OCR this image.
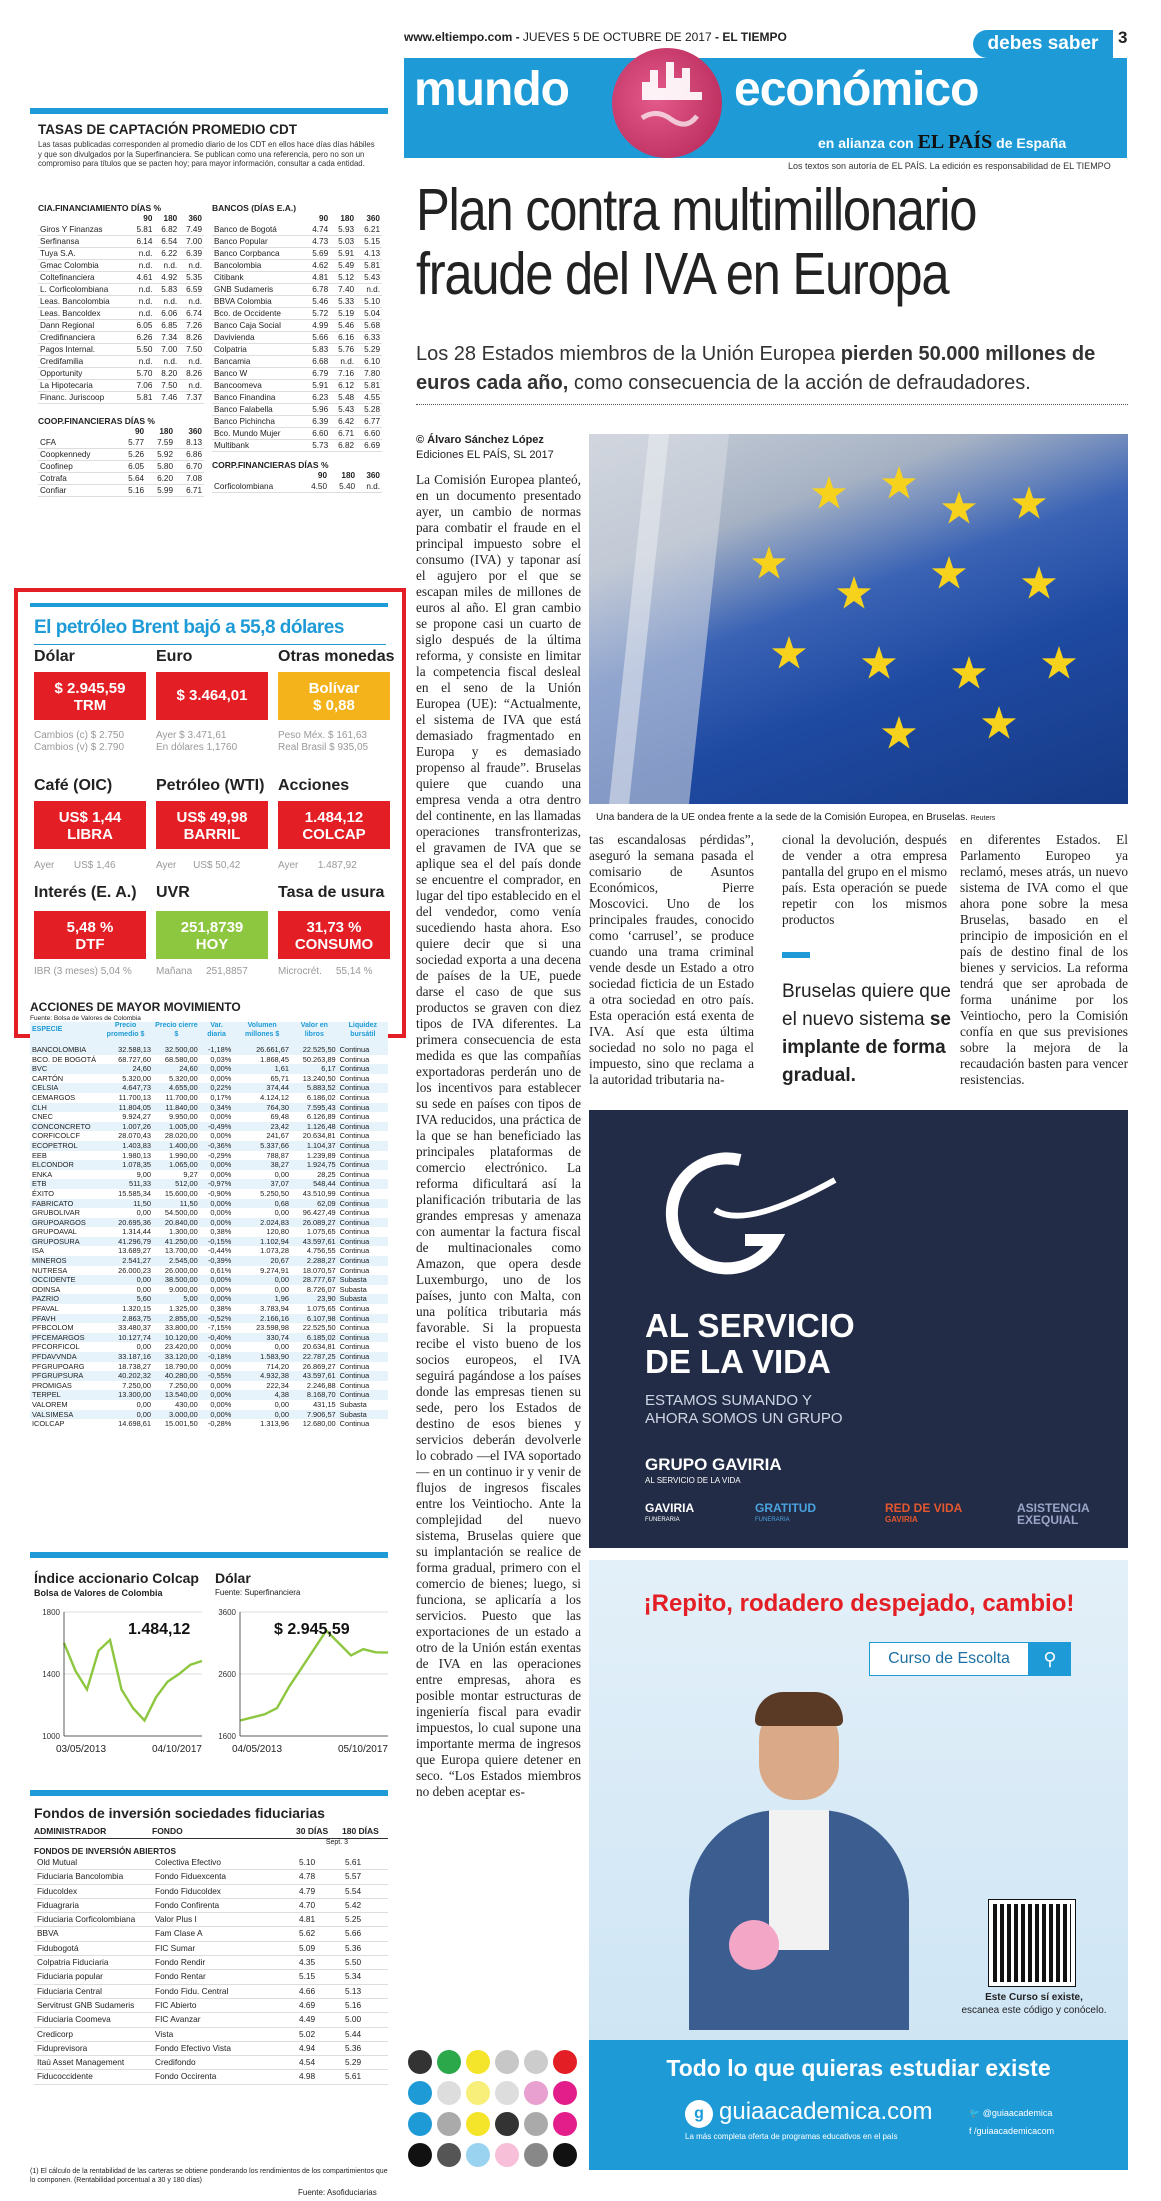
www.eltiempo.com - JUEVES 5 DE OCTUBRE DE 2017 - EL TIEMPO	debes saber	3
mundo	económico
en alianza con EL PAÍS de España
Los textos son autoría de EL PAÍS. La edición es responsabilidad de EL TIEMPO
TASAS DE CAPTACIÓN PROMEDIO CDT
Las tasas publicadas corresponden al promedio diario de los CDT en ellos hace días días hábiles y que son divulgados por la Superfinanciera. Se publican como una referencia, pero no son un compromiso para títulos que se pacten hoy; para mayor información, consultar a cada entidad.
CIA.FINANCIAMIENTO DÍAS %
	90	180	360
Giros Y Finanzas	5.81	6.82	7.49
Serfinansa	6.14	6.54	7.00
Tuya S.A.	n.d.	6.22	6.39
Gmac Colombia	n.d.	n.d.	n.d.
Coltefinanciera	4.61	4.92	5.35
L. Corficolombiana	n.d.	5.83	6.59
Leas. Bancolombia	n.d.	n.d.	n.d.
Leas. Bancoldex	n.d.	6.06	6.74
Dann Regional	6.05	6.85	7.26
Credifinanciera	6.26	7.34	8.26
Pagos Internal.	5.50	7.00	7.50
Credifamilia	n.d.	n.d.	n.d.
Opportunity	5.70	8.20	8.26
La Hipotecaria	7.06	7.50	n.d.
Financ. Juriscoop	5.81	7.46	7.37
COOP.FINANCIERAS DÍAS %
	90	180	360
CFA	5.77	7.59	8.13
Coopkennedy	5.26	5.92	6.86
Coofinep	6.05	5.80	6.70
Cotrafa	5.64	6.20	7.08
Confiar	5.16	5.99	6.71
BANCOS (DÍAS E.A.)
	90	180	360
Banco de Bogotá	4.74	5.93	6.21
Banco Popular	4.73	5.03	5.15
Banco Corpbanca	5.69	5.91	4.13
Bancolombia	4.62	5.49	5.81
Citibank	4.81	5.12	5.43
GNB Sudameris	6.78	7.40	n.d.
BBVA Colombia	5.46	5.33	5.10
Bco. de Occidente	5.72	5.19	5.04
Banco Caja Social	4.99	5.46	5.68
Davivienda	5.66	6.16	6.33
Colpatria	5.83	5.76	5.29
Bancamia	6.68	n.d.	6.10
Banco W	6.79	7.16	7.80
Bancoomeva	5.91	6.12	5.81
Banco Finandina	6.23	5.48	4.55
Banco Falabella	5.96	5.43	5.28
Banco Pichincha	6.39	6.42	6.77
Bco. Mundo Mujer	6.60	6.71	6.60
Multibank	5.73	6.82	6.69
CORP.FINANCIERAS DÍAS %
	90	180	360
Corficolombiana	4.50	5.40	n.d.
El petróleo Brent bajó a 55,8 dólares
Dólar
$ 2.945,59
TRM
Cambios (c) $ 2.750
Cambios (v) $ 2.790
Euro
$ 3.464,01
Ayer $ 3.471,61
En dólares 1,1760
Otras monedas
Bolívar
$ 0,88
Peso Méx. $ 161,63
Real Brasil $ 935,05
Café (OIC)
US$ 1,44
LIBRA
Ayer US$ 1,46
Petróleo (WTI)
US$ 49,98
BARRIL
Ayer US$ 50,42
Acciones
1.484,12
COLCAP
Ayer 1.487,92
Interés (E. A.)
5,48 %
DTF
IBR (3 meses) 5,04 %
UVR
251,8739
HOY
Mañana 251,8857
Tasa de usura
31,73 %
CONSUMO
Microcrét. 55,14 %
ACCIONES DE MAYOR MOVIMIENTO
Fuente: Bolsa de Valores de Colombia
ESPECIE	Precio promedio $	Precio cierre $	Var. diaria	Volumen millones $	Valor en libros	Liquidez bursátil
BANCOLOMBIA	32.588,13	32.500,00	-1,18%	26.661,67	22.525,50	Continua
BCO. DE BOGOTÁ	68.727,60	68.580,00	0,03%	1.868,45	50.263,89	Continua
BVC	24,60	24,60	0,00%	1,61	6,17	Continua
CARTÓN	5.320,00	5.320,00	0,00%	65,71	13.240,50	Continua
CELSIA	4.647,73	4.655,00	0,22%	374,44	5.883,52	Continua
CEMARGOS	11.700,13	11.700,00	0,17%	4.124,12	6.186,02	Continua
CLH	11.804,05	11.840,00	0,34%	764,30	7.595,43	Continua
CNEC	9.924,27	9.950,00	0,00%	69,48	6.126,89	Continua
CONCONCRETO	1.007,26	1.005,00	-0,49%	23,42	1.126,48	Continua
CORFICOLCF	28.070,43	28.020,00	0,00%	241,67	20.634,81	Continua
ECOPETROL	1.403,83	1.400,00	-0,36%	5.337,66	1.104,37	Continua
EEB	1.980,13	1.990,00	-0,29%	788,87	1.239,89	Continua
ELCONDOR	1.078,35	1.065,00	0,00%	38,27	1.924,75	Continua
ENKA	9,00	9,27	0,00%	0,00	28,25	Continua
ETB	511,33	512,00	-0,97%	37,07	548,44	Continua
ÉXITO	15.585,34	15.600,00	-0,90%	5.250,50	43.510,99	Continua
FABRICATO	11,50	11,50	0,00%	0,68	62,09	Continua
GRUBOLIVAR	0,00	54.500,00	0,00%	0,00	96.427,49	Continua
GRUPOARGOS	20.695,36	20.840,00	0,00%	2.024,83	26.089,27	Continua
GRUPOAVAL	1.314,44	1.300,00	0,38%	120,80	1.075,65	Continua
GRUPOSURA	41.296,79	41.250,00	-0,15%	1.102,94	43.597,61	Continua
ISA	13.689,27	13.700,00	-0,44%	1.073,28	4.756,55	Continua
MINEROS	2.541,27	2.545,00	-0,39%	20,67	2.288,27	Continua
NUTRESA	26.000,23	26.000,00	0,61%	9.274,91	18.070,57	Continua
OCCIDENTE	0,00	38.500,00	0,00%	0,00	28.777,67	Subasta
ODINSA	0,00	9.000,00	0,00%	0,00	8.726,07	Subasta
PAZRIO	5,60	5,00	0,00%	1,96	23,90	Subasta
PFAVAL	1.320,15	1.325,00	0,38%	3.783,94	1.075,65	Continua
PFAVH	2.863,75	2.855,00	-0,52%	2.166,16	6.107,98	Continua
PFBCOLOM	33.480,37	33.800,00	-7,15%	23.598,98	22.525,50	Continua
PFCEMARGOS	10.127,74	10.120,00	-0,40%	330,74	6.185,02	Continua
PFCORFICOL	0,00	23.420,00	0,00%	0,00	20.634,81	Continua
PFDAVVNDA	33.187,16	33.120,00	-0,18%	1.583,90	22.787,25	Continua
PFGRUPOARG	18.738,27	18.790,00	0,00%	714,20	26.869,27	Continua
PFGRUPSURA	40.202,32	40.280,00	-0,55%	4.932,38	43.597,61	Continua
PROMIGAS	7.250,00	7.250,00	0,00%	222,34	2.246,88	Continua
TERPEL	13.300,00	13.540,00	0,00%	4,38	8.168,70	Continua
VALOREM	0,00	430,00	0,00%	0,00	431,15	Subasta
VALSIMESA	0,00	3.000,00	0,00%	0,00	7.906,57	Subasta
ICOLCAP	14.698,61	15.001,50	-0,28%	1.313,96	12.680,00	Continua
Índice accionario Colcap
Bolsa de Valores de Colombia
1800
1400
1000
03/05/2013	04/10/2017
1.484,12
Dólar
Fuente: Superfinanciera
3600
2600
1600
04/05/2013	05/10/2017
$ 2.945,59
Fondos de inversión sociedades fiduciarias
ADMINISTRADOR	FONDO	30 DÍAS	180 DÍAS
Sept. 3
FONDOS DE INVERSIÓN ABIERTOS
Old Mutual	Colectiva Efectivo	5.10	5.61
Fiduciaria Bancolombia	Fondo Fiduexcenta	4.78	5.57
Fiducoldex	Fondo Fiducoldex	4.79	5.54
Fiduagraria	Fondo Confirenta	4.70	5.42
Fiduciaria Corficolombiana	Valor Plus I	4.81	5.25
BBVA	Fam Clase A	5.62	5.66
Fidubogotá	FIC Sumar	5.09	5.36
Colpatria Fiduciaria	Fondo Rendir	4.35	5.50
Fiduciaria popular	Fondo Rentar	5.15	5.34
Fiduciaria Central	Fondo Fidu. Central	4.66	5.13
Servitrust GNB Sudameris	FIC Abierto	4.69	5.16
Fiduciaria Coomeva	FIC Avanzar	4.49	5.00
Credicorp	Vista	5.02	5.44
Fiduprevisora	Fondo Efectivo Vista	4.94	5.36
Itaú Asset Management	Credifondo	4.54	5.29
Fiducoccidente	Fondo Occirenta	4.98	5.61
(1) El cálculo de la rentabilidad de las carteras se obtiene ponderando los rendimientos de los compartimientos que lo componen. (Rentabilidad porcentual a 30 y 180 días)
Fuente: Asofiduciarias
Plan contra multimillonario
fraude del IVA en Europa
Los 28 Estados miembros de la Unión Europea pierden 50.000 millones de euros cada año, como consecuencia de la acción de defraudadores.
© Álvaro Sánchez López
Ediciones EL PAÍS, SL 2017
Una bandera de la UE ondea frente a la sede de la Comisión Europea, en Bruselas. Reuters
La Comisión Europea planteó, en un documento presentado ayer, un cambio de normas para combatir el fraude en el principal impuesto sobre el consumo (IVA) y taponar así el agujero por el que se escapan miles de millones de euros al año. El gran cambio se propone casi un cuarto de siglo después de la última reforma, y consiste en limitar la competencia fiscal desleal en el seno de la Unión Europea (UE): “Actualmente, el sistema de IVA que está demasiado fragmentado en Europa y es demasiado propenso al fraude”. Bruselas quiere que cuando una empresa venda a otra dentro del continente, en las llamadas operaciones transfronterizas, el gravamen de IVA que se aplique sea el del país donde se encuentre el comprador, en lugar del tipo establecido en el del vendedor, como venía sucediendo hasta ahora. Eso quiere decir que si una sociedad exporta a una decena de países de la UE, puede darse el caso de que sus productos se graven con diez tipos de IVA diferentes. La primera consecuencia de esta medida es que las compañías exportadoras perderán uno de los incentivos para establecer su sede en países con tipos de IVA reducidos, una práctica de la que se han beneficiado las principales plataformas de comercio electrónico. La reforma dificultará así la planificación tributaria de las grandes empresas y amenaza con aumentar la factura fiscal de multinacionales como Amazon, que opera desde Luxemburgo, uno de los países, junto con Malta, con una política tributaria más favorable. Si la propuesta recibe el visto bueno de los socios europeos, el IVA seguirá pagándose a los países donde las empresas tienen su sede, pero los Estados de destino de esos bienes y servicios deberán devolverle lo cobrado —el IVA soportado— en un continuo ir y venir de flujos de ingresos fiscales entre los Veintiocho. Ante la complejidad del nuevo sistema, Bruselas quiere que su implantación se realice de forma gradual, primero con el comercio de bienes; luego, si funciona, se aplicaría a los servicios. Puesto que las exportaciones de un estado a otro de la Unión están exentas de IVA en las operaciones entre empresas, ahora es posible montar estructuras de ingeniería fiscal para evadir impuestos, lo cual supone una importante merma de ingresos que Europa quiere detener en seco. “Los Estados miembros no deben aceptar es-
tas escandalosas pérdidas”, aseguró la semana pasada el comisario de Asuntos Económicos, Pierre Moscovici. Uno de los principales fraudes, conocido como ‘carrusel’, se produce cuando una trama criminal vende desde un Estado a otro sociedad ficticia de un Estado a otra sociedad en otro país. Esta operación está exenta de IVA. Así que esta última sociedad no solo no paga el impuesto, sino que reclama a la autoridad tributaria na-
cional la devolución, después de vender a otra empresa pantalla del grupo en el mismo país. Esta operación se puede repetir con los mismos productos
en diferentes Estados. El Parlamento Europeo ya reclamó, meses atrás, un nuevo sistema de IVA como el que ahora pone sobre la mesa Bruselas, basado en el principio de imposición en el país de destino final de los bienes y servicios. La reforma tendrá que ser aprobada de forma unánime por los Veintiocho, pero la Comisión confía en que sus previsiones sobre la mejora de la recaudación basten para vencer resistencias.
Bruselas quiere que el nuevo sistema se implante de forma gradual.
AL SERVICIO
DE LA VIDA
ESTAMOS SUMANDO Y
AHORA SOMOS UN GRUPO
GRUPO GAVIRIA
AL SERVICIO DE LA VIDA
GAVIRIA
FUNERARIA
GRATITUD
FUNERARIA
RED DE VIDA
GAVIRIA
ASISTENCIA
EXEQUIAL
¡Repito, rodadero despejado, cambio!
Curso de Escolta	⚲
Este Curso sí existe,
escanea este código y conócelo.
Todo lo que quieras estudiar existe
g guiaacademica.com
La más completa oferta de programas educativos en el país
🐦 @guiaacademica
f /guiaacademicacom
